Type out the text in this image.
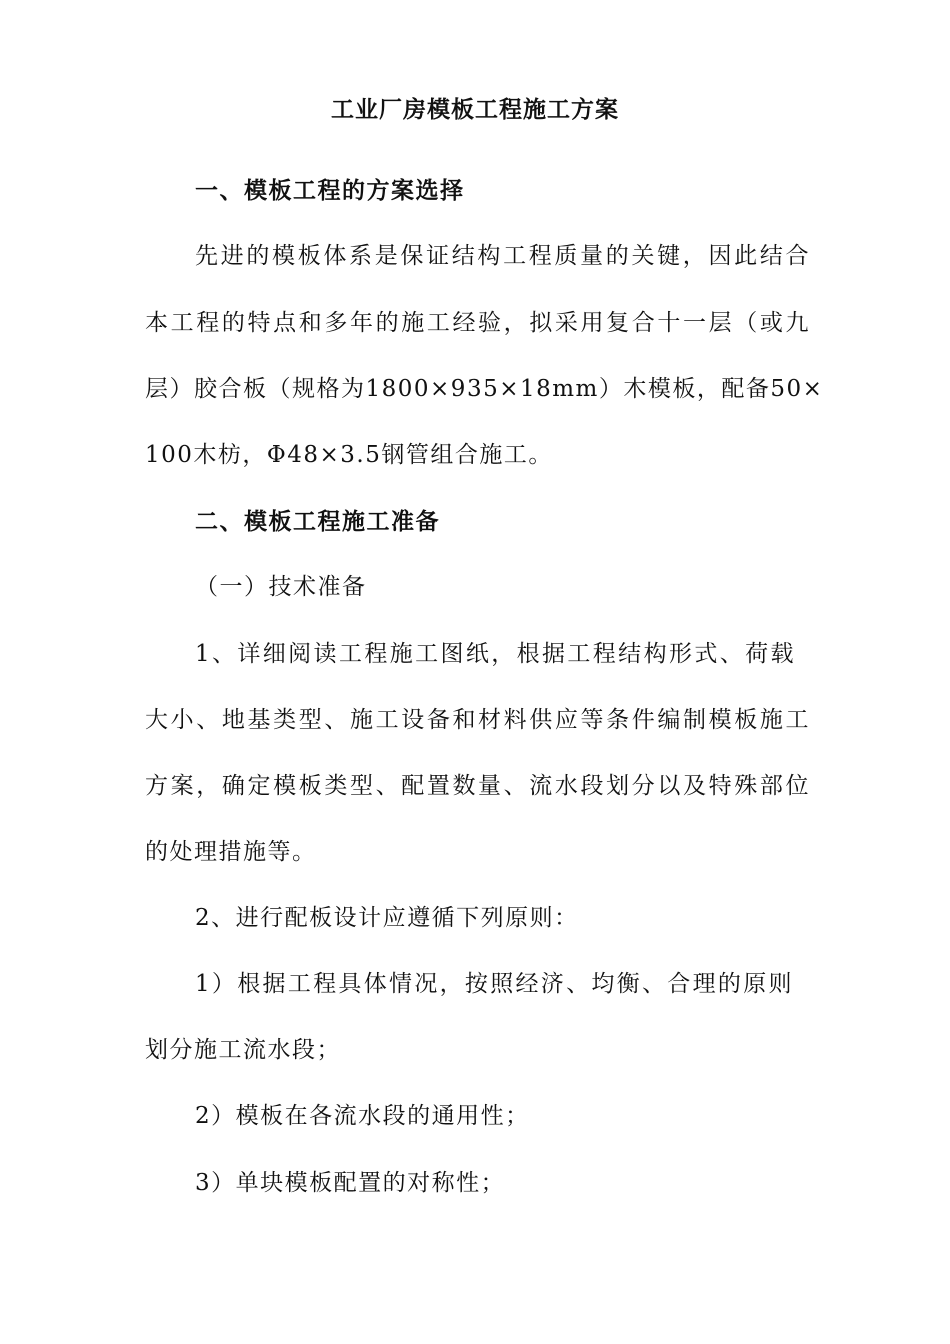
工业厂房模板工程施工方案
一、模板工程的方案选择
先进的模板体系是保证结构工程质量的关键，因此结合
本工程的特点和多年的施工经验，拟采用复合十一层（或九
层）胶合板（规格为1800×935×18mm）木模板，配备50×
100木枋，Φ48×3.5钢管组合施工。
二、模板工程施工准备
（一）技术准备
1、详细阅读工程施工图纸，根据工程结构形式、荷载
大小、地基类型、施工设备和材料供应等条件编制模板施工
方案，确定模板类型、配置数量、流水段划分以及特殊部位
的处理措施等。
2、进行配板设计应遵循下列原则：
1）根据工程具体情况，按照经济、均衡、合理的原则
划分施工流水段；
2）模板在各流水段的通用性；
3）单块模板配置的对称性；
